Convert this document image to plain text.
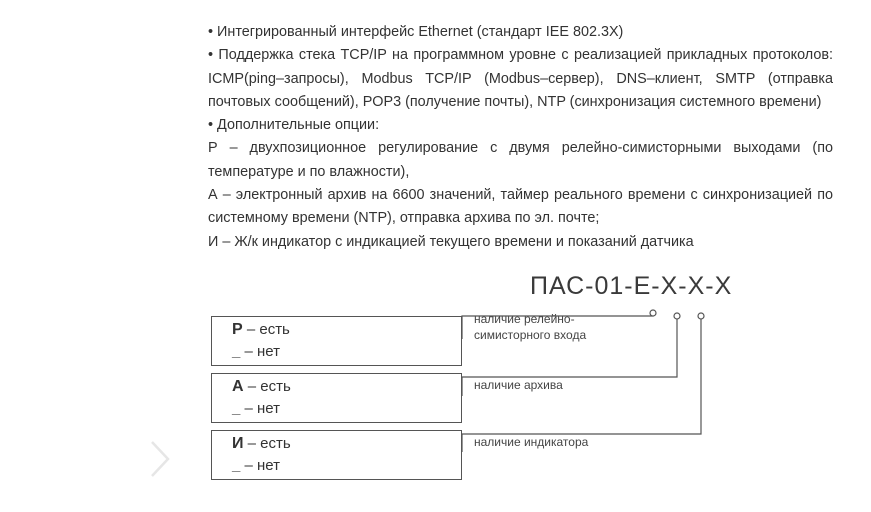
• Интегрированный интерфейс Ethernet (стандарт IEE 802.3X)

• Поддержка стека TCP/IP на программном уровне с реализацией прикладных протоколов: ICMP(ping–запросы), Modbus TCP/IP (Modbus–сервер), DNS–клиент, SMTP (отправка почтовых сообщений), POP3 (получение почты), NTP (синхронизация системного времени)

• Дополнительные опции:

Р – двухпозиционное регулирование с двумя релейно-симисторными выходами (по температуре и по влажности),

А – электронный архив на 6600 значений, таймер реального времени с синхронизацией по системному времени (NTP), отправка архива по эл. почте;

И – Ж/к индикатор с индикацией текущего времени и показаний датчика

ПАС-01-Е-Х-Х-Х
Р – есть
_ – нет
наличие релейно-
симисторного входа
А – есть
_ – нет
наличие архива
И – есть
_ – нет
наличие индикатора
